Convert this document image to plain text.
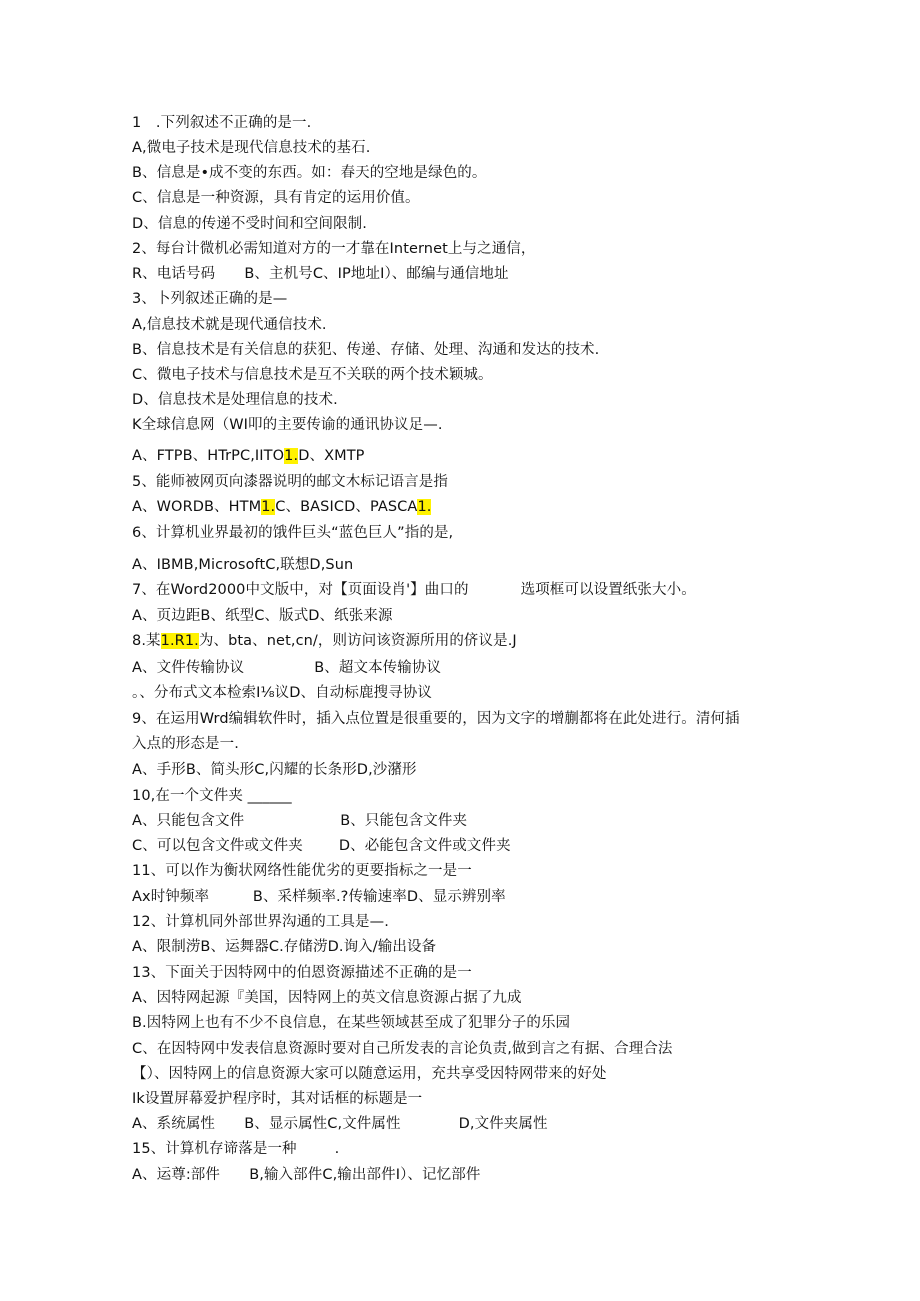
1　.下列叙述不正确的是一.
A,微电子技术是现代信息技术的基石.
B、信息是•成不变的东西。如：春天的空地是绿色的。
C、信息是一种资源，具有肯定的运用价值。
D、信息的传递不受时间和空间限制.
2、每台计微机必需知道对方的一才靠在Internet上与之通信，
R、电话号码　　B、主机号C、IP地址I）、邮编与通信地址
3、卜列叙述正确的是—
A,信息技术就是现代通信技术.
B、信息技术是有关信息的获犯、传递、存储、处理、沟通和发达的技术.
C、微电子技术与信息技术是互不关联的两个技术颖城。
D、信息技术是处理信息的技术.
K全球信息网（WI叩的主要传谕的通讯协议足—.
A、FTPB、HTrPC,IITO1.D、XMTP
5、能师被网页向漆器说明的邮文木标记语言是指
A、WORDB、HTM1.C、BASICD、PASCA1.
6、计算机业界最初的饿件巨头“蓝色巨人”指的是,
A、IBMB,MicrosoftC,联想D,Sun
7、在Word2000中文版中，对【页面设肖'】曲口的	选项框可以设置纸张大小。
A、页边距B、纸型C、版式D、纸张来源
8.某1.R1.为、bta、net,cn/，则访问该资源所用的侪议是.J
A、文件传输协议	B、超文本传输协议
。、分布式文本检索I⅛议D、自动标鹿搜寻协议
9、在运用Wrd编辑软件时，插入点位置是很重要的，因为文字的增蒯都将在此处进行。清何插
入点的形态是一.
A、手形B、简头形C,闪耀的长条形D,沙潴形
10,在一个文件夹 ______
A、只能包含文件	B、只能包含文件夹
C、可以包含文件或文件夹 D、必能包含文件或文件夹
11、可以作为衡状网络性能优劣的更要指标之一是一
Ax时钟频率　　　B、采样频率.?传输速率D、显示辨别率
12、计算机同外部世界沟通的工具是—.
A、限制涝B、运舞器C.存储涝D.询入/输出设备
13、下面关于因特网中的伯恩资源描述不正确的是一
A、因特网起源『美国，因特网上的英文信息资源占据了九成
B.因特网上也有不少不良信息，在某些领域甚至成了犯罪分子的乐园
C、在因特网中发表信息资源时要对自己所发表的言论负责,做到言之有据、合理合法
【）、因特网上的信息资源大家可以随意运用，充共享受因特网带来的好处
Ik设置屏幕爱护程序时，其对话框的标题是一
A、系统属性　　B、显示属性C,文件属性	D,文件夹属性
15、计算机存谛落是一种	.
A、运尊:部件　　B,输入部件C,输出部件I）、记忆部件
